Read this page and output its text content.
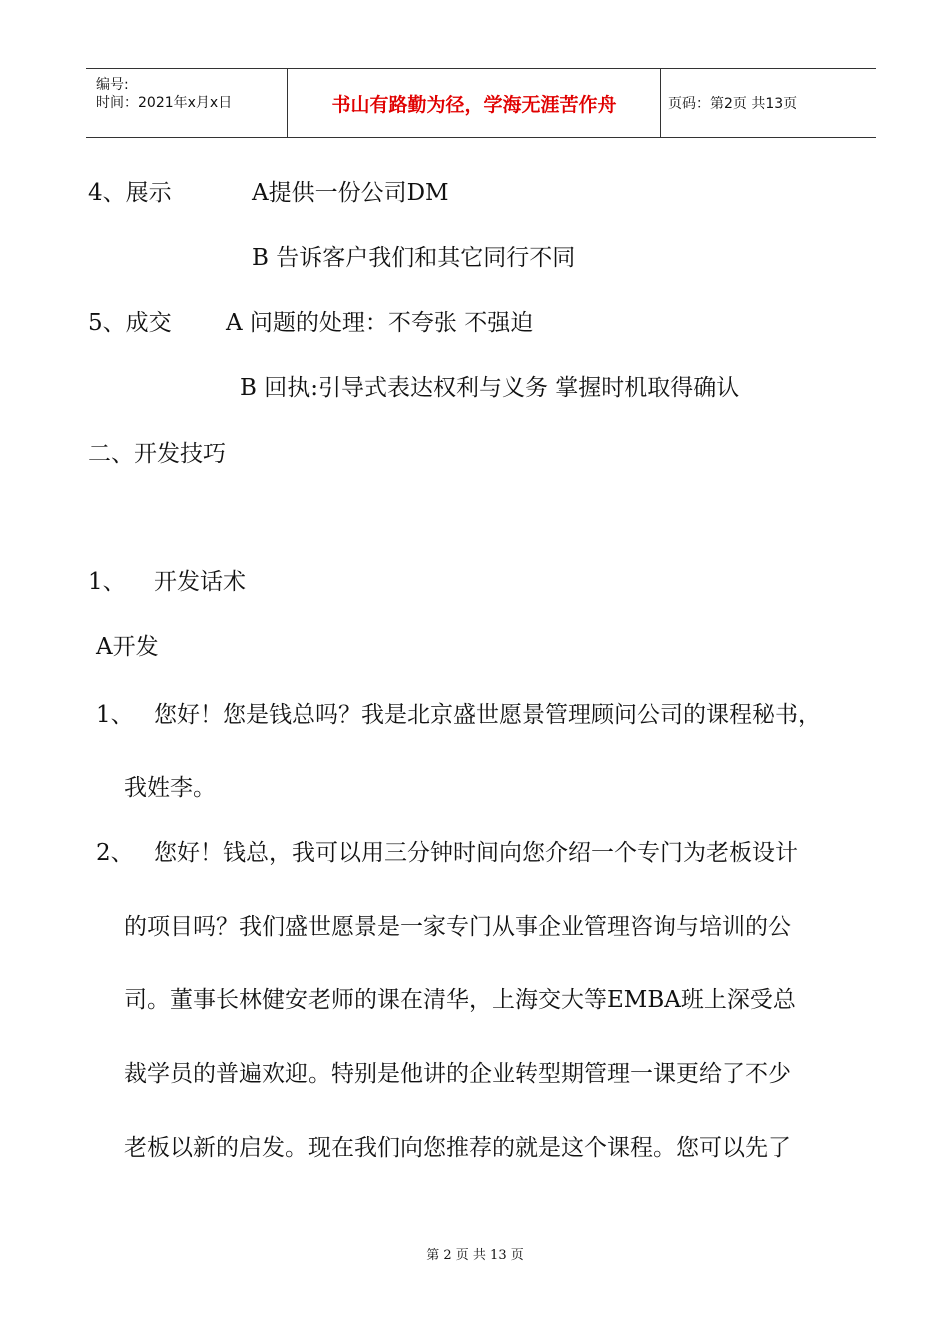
编号:
时间：2021年x月x日	书山有路勤为径，学海无涯苦作舟	页码：第2页 共13页
4、展示	A提供一份公司DM
B 告诉客户我们和其它同行不同
5、成交 A 问题的处理：不夸张 不强迫
B 回执:引导式表达权利与义务 掌握时机取得确认
二、开发技巧
1、 开发话术
A开发
1、 您好！您是钱总吗？我是北京盛世愿景管理顾问公司的课程秘书，
我姓李。
2、 您好！钱总，我可以用三分钟时间向您介绍一个专门为老板设计
的项目吗？我们盛世愿景是一家专门从事企业管理咨询与培训的公
司。董事长林健安老师的课在清华，上海交大等EMBA班上深受总
裁学员的普遍欢迎。特别是他讲的企业转型期管理一课更给了不少
老板以新的启发。现在我们向您推荐的就是这个课程。您可以先了
第 2 页 共 13 页
